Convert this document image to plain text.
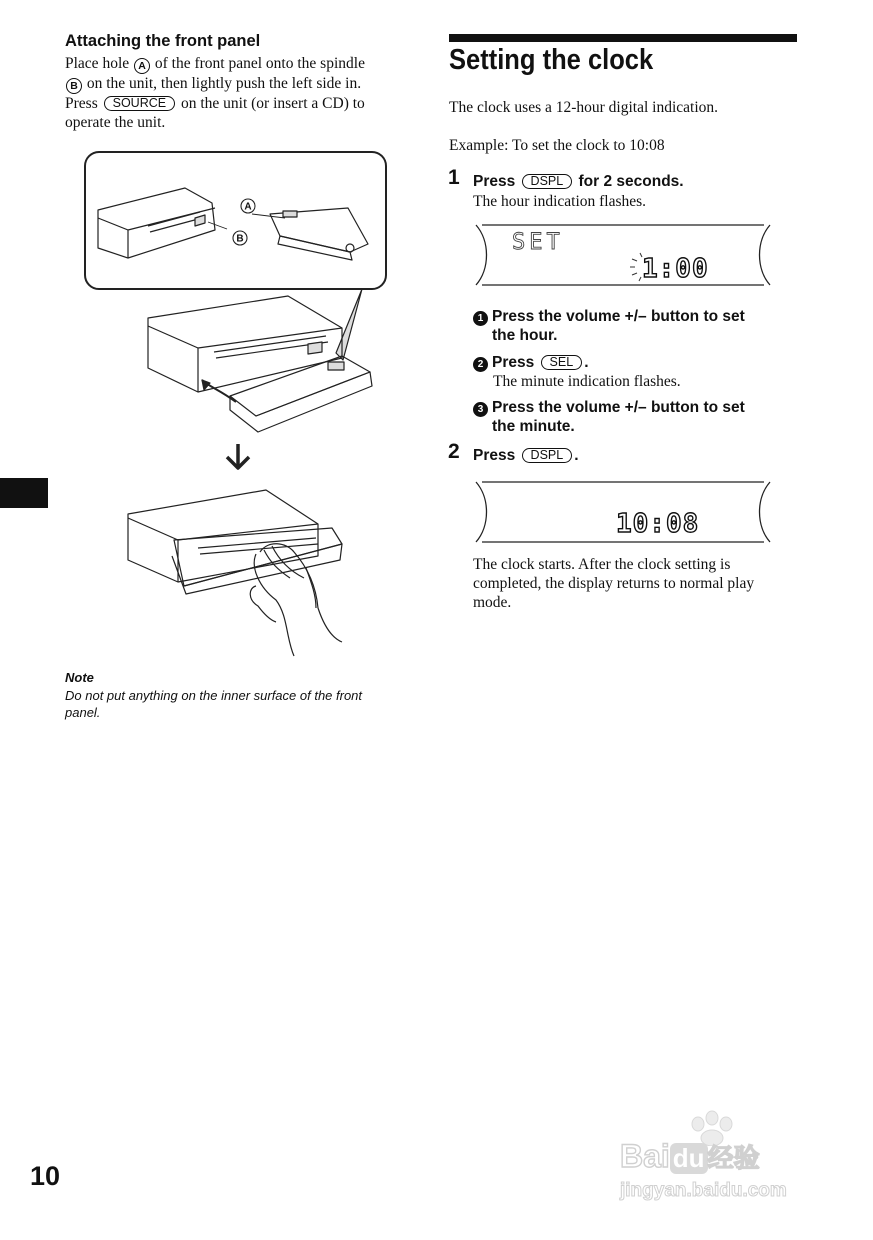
Attaching the front panel
Place hole A of the front panel onto the spindle
B on the unit, then lightly push the left side in.
Press SOURCE on the unit (or insert a CD) to
operate the unit.
A
B
Note
Do not put anything on the inner surface of the front
panel.
10
Setting the clock
The clock uses a 12-hour digital indication.
Example: To set the clock to 10:08
1 Press DSPL for 2 seconds.
The hour indication flashes.
SET
1:00
1 Press the volume +/– button to set
the hour.
2 Press SEL .
The minute indication flashes.
3 Press the volume +/– button to set
the minute.
2 Press DSPL .
10:08
The clock starts. After the clock setting is
completed, the display returns to normal play
mode.
Bai du 经验
jingyan.baidu.com
